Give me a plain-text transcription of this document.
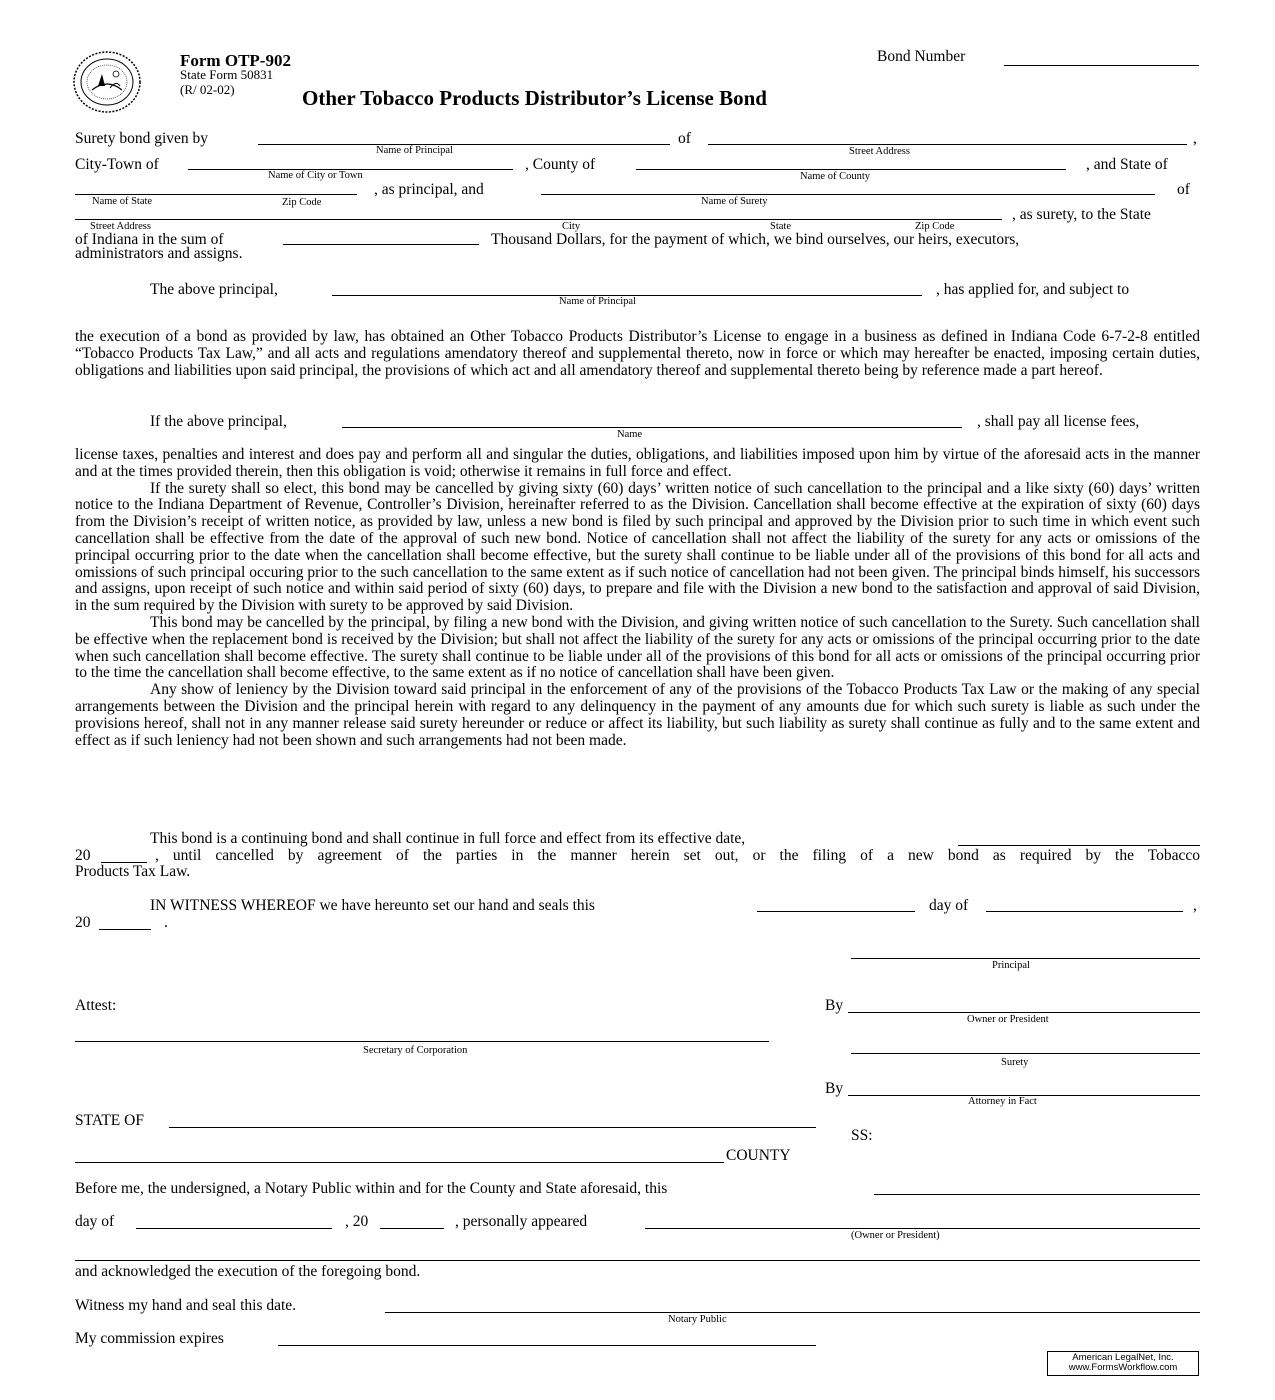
Form OTP-902
State Form 50831
(R/ 02-02)	Other Tobacco Products Distributor’s License Bond
Bond Number
Surety bond given by
Name of Principal
of
Street Address
,
City-Town of
Name of City or Town
, County of
Name of County
, and State of
Name of State	Zip Code
, as principal, and
Name of Surety
of
Street Address	City	State	Zip Code
, as surety, to the State
of Indiana in the sum of	Thousand Dollars, for the payment of which, we bind ourselves, our heirs, executors,
administrators and assigns.
The above principal,
Name of Principal
, has applied for, and subject to

the execution of a bond as provided by law, has obtained an Other Tobacco Products Distributor’s License to engage in a business as defined in Indiana Code 6-7-2-8 entitled “Tobacco Products Tax Law,” and all acts and regulations amendatory thereof and supplemental thereto, now in force or which may hereafter be enacted, imposing certain duties, obligations and liabilities upon said principal, the provisions of which act and all amendatory thereof and supplemental thereto being by reference made a part hereof.

If the above principal,
Name
, shall pay all license fees,

license taxes, penalties and interest and does pay and perform all and singular the duties, obligations, and liabilities imposed upon him by virtue of the aforesaid acts in the manner and at the times provided therein, then this obligation is void; otherwise it remains in full force and effect.

If the surety shall so elect, this bond may be cancelled by giving sixty (60) days’ written notice of such cancellation to the principal and a like sixty (60) days’ written notice to the Indiana Department of Revenue, Controller’s Division, hereinafter referred to as the Division. Cancellation shall become effective at the expiration of sixty (60) days from the Division’s receipt of written notice, as provided by law, unless a new bond is filed by such principal and approved by the Division prior to such time in which event such cancellation shall be effective from the date of the approval of such new bond. Notice of cancellation shall not affect the liability of the surety for any acts or omissions of the principal occurring prior to the date when the cancellation shall become effective, but the surety shall continue to be liable under all of the provisions of this bond for all acts and omissions of such principal occuring prior to the such cancellation to the same extent as if such notice of cancellation had not been given. The principal binds himself, his successors and assigns, upon receipt of such notice and within said period of sixty (60) days, to prepare and file with the Division a new bond to the satisfaction and approval of said Division, in the sum required by the Division with surety to be approved by said Division.

This bond may be cancelled by the principal, by filing a new bond with the Division, and giving written notice of such cancellation to the Surety. Such cancellation shall be effective when the replacement bond is received by the Division; but shall not affect the liability of the surety for any acts or omissions of the principal occurring prior to the date when such cancellation shall become effective. The surety shall continue to be liable under all of the provisions of this bond for all acts or omissions of the principal occurring prior to the time the cancellation shall become effective, to the same extent as if no notice of cancellation shall have been given.

Any show of leniency by the Division toward said principal in the enforcement of any of the provisions of the Tobacco Products Tax Law or the making of any special arrangements between the Division and the principal herein with regard to any delinquency in the payment of any amounts due for which such surety is liable as such under the provisions hereof, shall not in any manner release said surety hereunder or reduce or affect its liability, but such liability as surety shall continue as fully and to the same extent and effect as if such leniency had not been shown and such arrangements had not been made.

This bond is a continuing bond and shall continue in full force and effect from its effective date,
20	, until cancelled by agreement of the parties in the manner herein set out, or the filing of a new bond as required by the Tobacco
Products Tax Law.
IN WITNESS WHEREOF we have hereunto set our hand and seals this	day of	,
20	.
Principal
Attest:	By
Owner or President
Secretary of Corporation
Surety
By
Attorney in Fact
STATE OF
SS:
COUNTY
Before me, the undersigned, a Notary Public within and for the County and State aforesaid, this
day of	, 20	, personally appeared
(Owner or President)
and acknowledged the execution of the foregoing bond.
Witness my hand and seal this date.
Notary Public
My commission expires
American LegalNet, Inc.
www.FormsWorkflow.com
